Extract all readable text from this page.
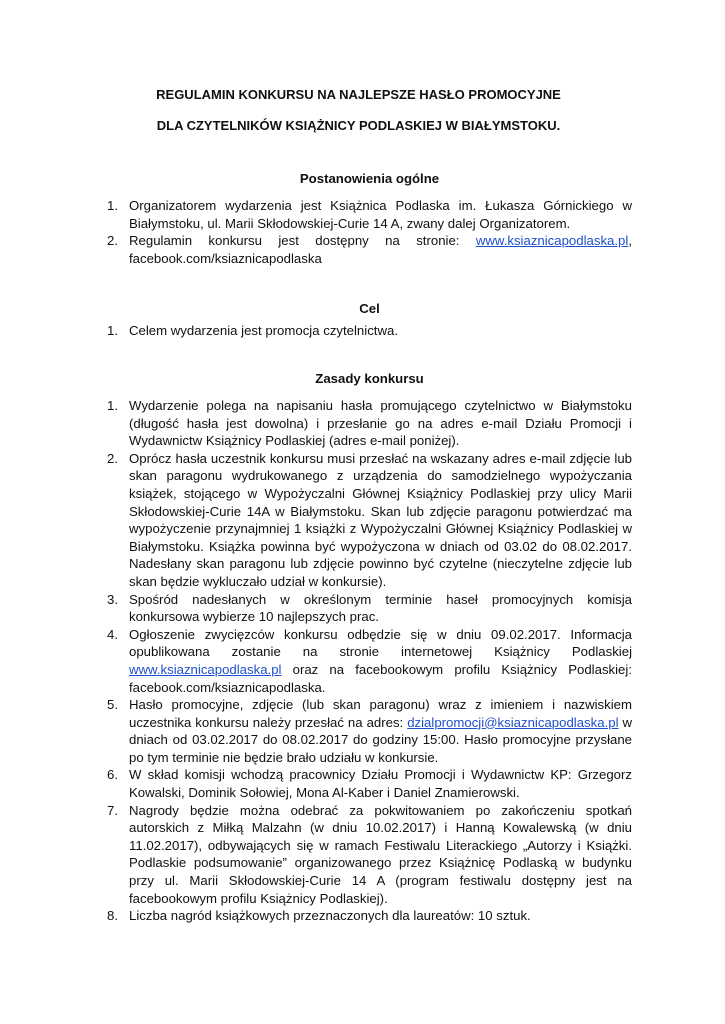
REGULAMIN KONKURSU NA NAJLEPSZE HASŁO PROMOCYJNE
DLA CZYTELNIKÓW KSIĄŻNICY PODLASKIEJ W BIAŁYMSTOKU.
Postanowienia ogólne
1. Organizatorem wydarzenia jest Książnica Podlaska im. Łukasza Górnickiego w Białymstoku, ul. Marii Skłodowskiej-Curie 14 A, zwany dalej Organizatorem.
2. Regulamin konkursu jest dostępny na stronie: www.ksiaznicapodlaska.pl, facebook.com/ksiaznicapodlaska
Cel
1. Celem wydarzenia jest promocja czytelnictwa.
Zasady konkursu
1. Wydarzenie polega na napisaniu hasła promującego czytelnictwo w Białymstoku (długość hasła jest dowolna) i przesłanie go na adres e-mail Działu Promocji i Wydawnictw Książnicy Podlaskiej (adres e-mail poniżej).
2. Oprócz hasła uczestnik konkursu musi przesłać na wskazany adres e-mail zdjęcie lub skan paragonu wydrukowanego z urządzenia do samodzielnego wypożyczania książek, stojącego w Wypożyczalni Głównej Książnicy Podlaskiej przy ulicy Marii Skłodowskiej-Curie 14A w Białymstoku. Skan lub zdjęcie paragonu potwierdzać ma wypożyczenie przynajmniej 1 książki z Wypożyczalni Głównej Książnicy Podlaskiej w Białymstoku. Książka powinna być wypożyczona w dniach od 03.02 do 08.02.2017. Nadesłany skan paragonu lub zdjęcie powinno być czytelne (nieczytelne zdjęcie lub skan będzie wykluczało udział w konkursie).
3. Spośród nadesłanych w określonym terminie haseł promocyjnych komisja konkursowa wybierze 10 najlepszych prac.
4. Ogłoszenie zwycięzców konkursu odbędzie się w dniu 09.02.2017. Informacja opublikowana zostanie na stronie internetowej Książnicy Podlaskiej www.ksiaznicapodlaska.pl oraz na facebookowym profilu Książnicy Podlaskiej: facebook.com/ksiaznicapodlaska.
5. Hasło promocyjne, zdjęcie (lub skan paragonu) wraz z imieniem i nazwiskiem uczestnika konkursu należy przesłać na adres: dzialpromocji@ksiaznicapodlaska.pl w dniach od 03.02.2017 do 08.02.2017 do godziny 15:00. Hasło promocyjne przysłane po tym terminie nie będzie brało udziału w konkursie.
6. W skład komisji wchodzą pracownicy Działu Promocji i Wydawnictw KP: Grzegorz Kowalski, Dominik Sołowiej, Mona Al-Kaber i Daniel Znamierowski.
7. Nagrody będzie można odebrać za pokwitowaniem po zakończeniu spotkań autorskich z Miłką Malzahn (w dniu 10.02.2017) i Hanną Kowalewską (w dniu 11.02.2017), odbywających się w ramach Festiwalu Literackiego „Autorzy i Książki. Podlaskie podsumowanie” organizowanego przez Książnicę Podlaską w budynku przy ul. Marii Skłodowskiej-Curie 14 A (program festiwalu dostępny jest na facebookowym profilu Książnicy Podlaskiej).
8. Liczba nagród książkowych przeznaczonych dla laureatów: 10 sztuk.
